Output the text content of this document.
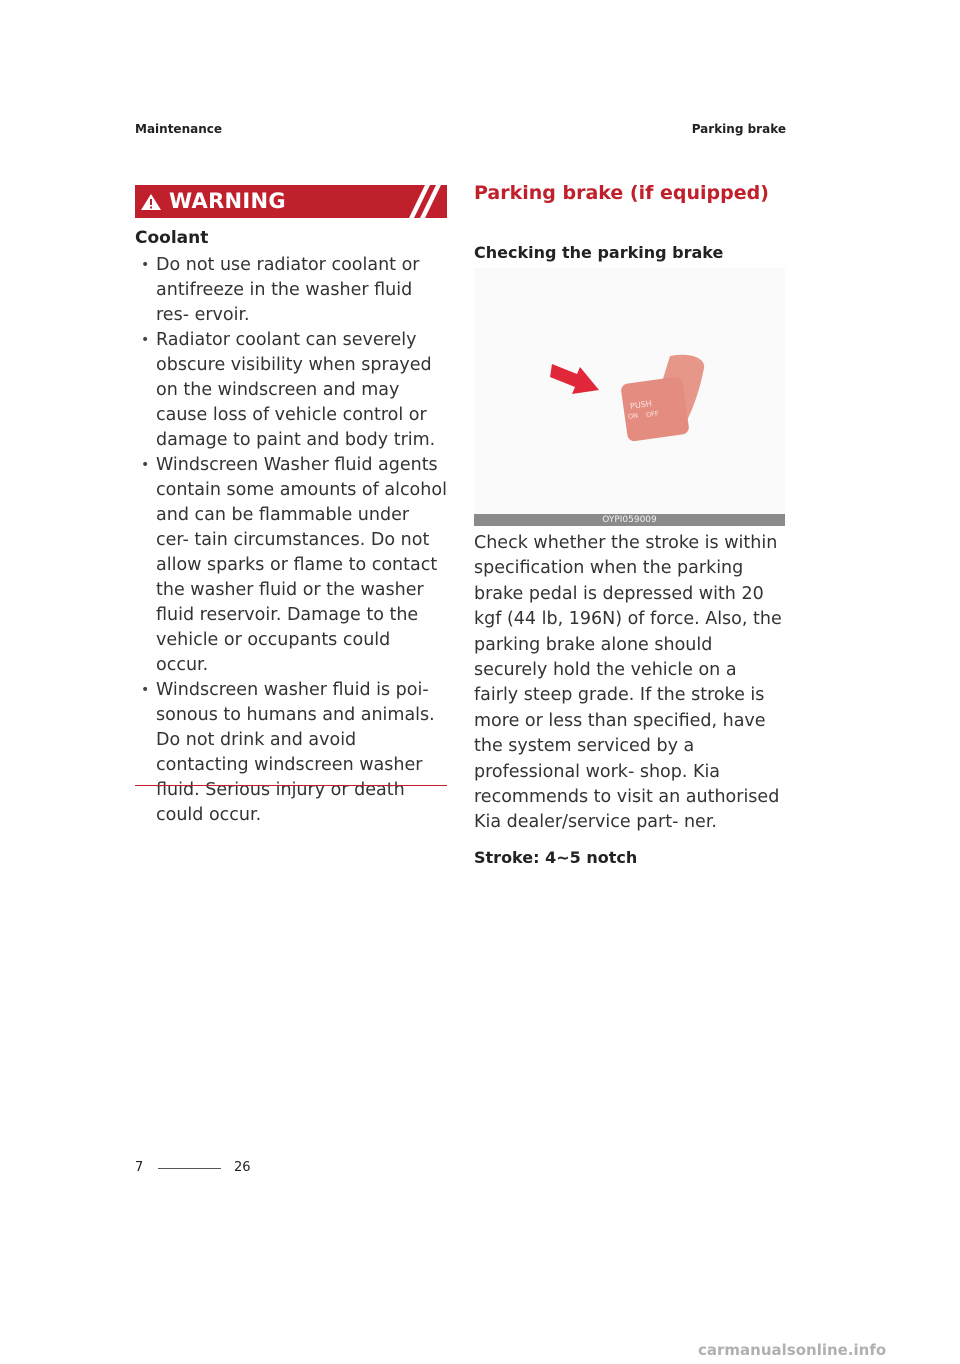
Maintenance	Parking brake
WARNING
Coolant
• Do not use radiator coolant or antifreeze in the washer fluid res- ervoir.
• Radiator coolant can severely obscure visibility when sprayed on the windscreen and may cause loss of vehicle control or damage to paint and body trim.
• Windscreen Washer fluid agents contain some amounts of alcohol and can be flammable under cer- tain circumstances. Do not allow sparks or flame to contact the washer fluid or the washer fluid reservoir. Damage to the vehicle or occupants could occur.
• Windscreen washer fluid is poi- sonous to humans and animals. Do not drink and avoid contacting windscreen washer fluid. Serious injury or death could occur.
Parking brake (if equipped)
Checking the parking brake
PUSH
ON OFF
OYPI059009

Check whether the stroke is within specification when the parking brake pedal is depressed with 20 kgf (44 lb, 196N) of force. Also, the parking brake alone should securely hold the vehicle on a fairly steep grade. If the stroke is more or less than specified, have the system serviced by a professional work- shop. Kia recommends to visit an authorised Kia dealer/service part- ner.

Stroke: 4~5 notch
7	26
carmanualsonline.info
